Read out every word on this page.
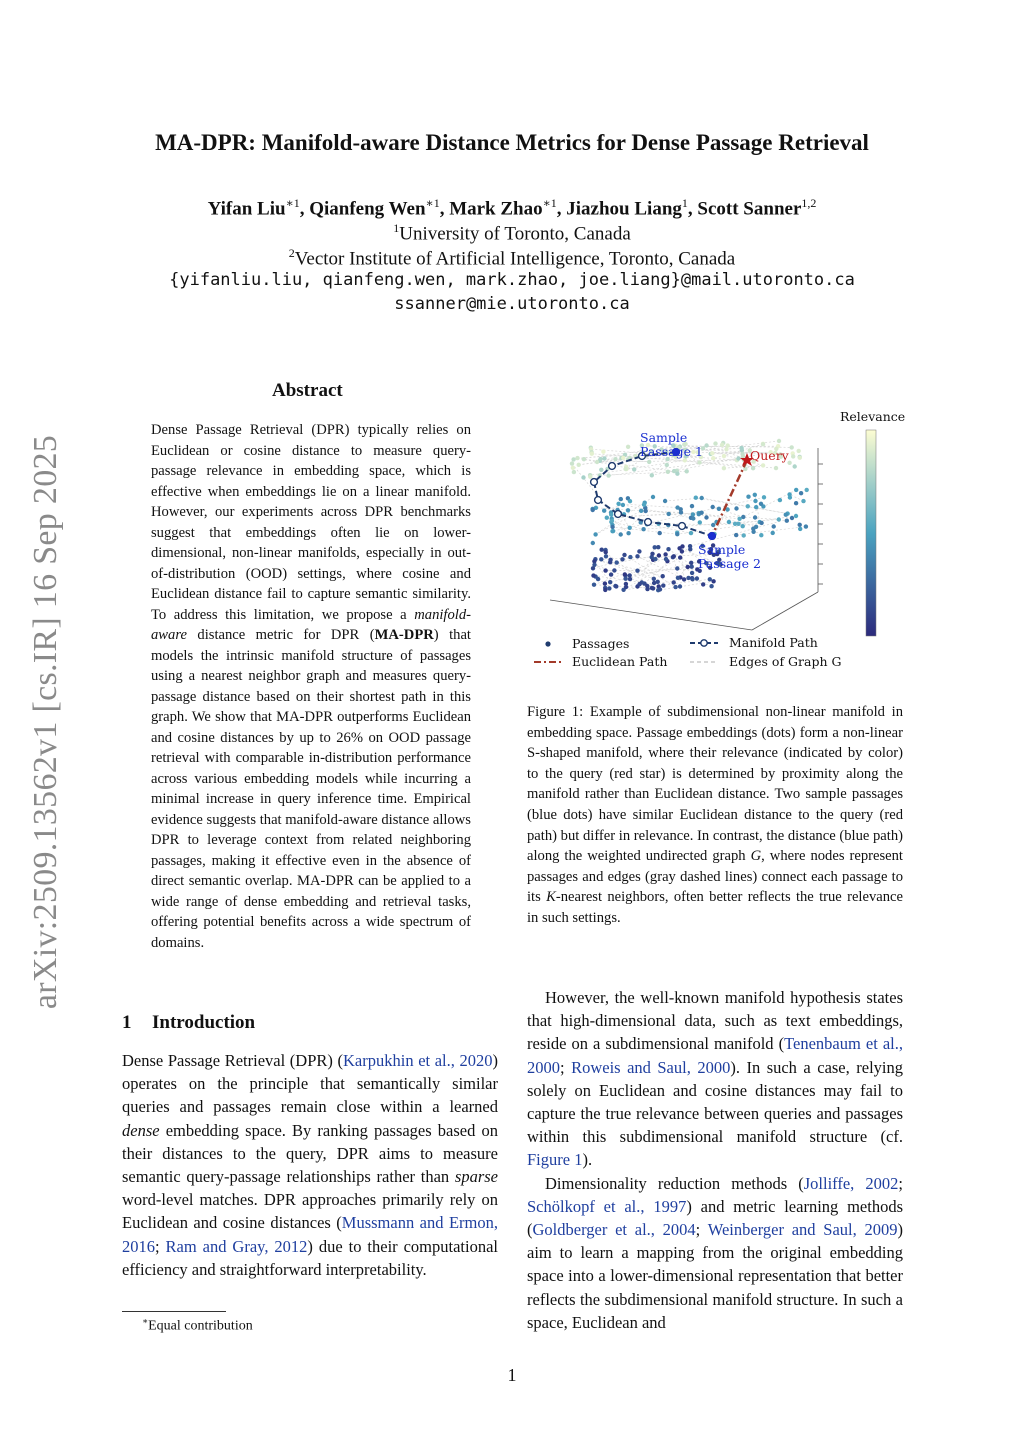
arXiv:2509.13562v1 [cs.IR] 16 Sep 2025
MA-DPR: Manifold-aware Distance Metrics for Dense Passage Retrieval
Yifan Liu$^{∗1}$, Qianfeng Wen$^{∗1}$, Mark Zhao$^{∗1}$, Jiazhou Liang$^1$, Scott Sanner$^{1,2}$
$^1$University of Toronto, Canada
$^2$Vector Institute of Artificial Intelligence, Toronto, Canada
{yifanliu.liu, qianfeng.wen, mark.zhao, joe.liang}@mail.utoronto.ca
ssanner@mie.utoronto.ca
Abstract
Dense Passage Retrieval (DPR) typically relies on Euclidean or cosine distance to measure query-passage relevance in embedding space, which is effective when embeddings lie on a linear manifold. However, our experiments across DPR benchmarks suggest that embeddings often lie on lower-dimensional, non-linear manifolds, especially in out-of-distribution (OOD) settings, where cosine and Euclidean distance fail to capture semantic similarity. To address this limitation, we propose a manifold-aware distance metric for DPR (MA-DPR) that models the intrinsic manifold structure of passages using a nearest neighbor graph and measures query-passage distance based on their shortest path in this graph. We show that MA-DPR outperforms Euclidean and cosine distances by up to 26% on OOD passage retrieval with comparable in-distribution performance across various embedding models while incurring a minimal increase in query inference time. Empirical evidence suggests that manifold-aware distance allows DPR to leverage context from related neighboring passages, making it effective even in the absence of direct semantic overlap. MA-DPR can be applied to a wide range of dense embedding and retrieval tasks, offering potential benefits across a wide spectrum of domains.
1 Introduction
Dense Passage Retrieval (DPR) (Karpukhin et al., 2020) operates on the principle that semantically similar queries and passages remain close within a learned dense embedding space. By ranking passages based on their distances to the query, DPR aims to measure semantic query-passage relationships rather than sparse word-level matches. DPR approaches primarily rely on Euclidean and cosine distances (Mussmann and Ermon, 2016; Ram and Gray, 2012) due to their computational efficiency and straightforward interpretability.
∗Equal contribution
Sample
Passage 1	Query
Sample
Passage 2
Relevance
Passages
Euclidean Path
Manifold Path
Edges of Graph G
Figure 1: Example of subdimensional non-linear manifold in embedding space. Passage embeddings (dots) form a non-linear S-shaped manifold, where their relevance (indicated by color) to the query (red star) is determined by proximity along the manifold rather than Euclidean distance. Two sample passages (blue dots) have similar Euclidean distance to the query (red path) but differ in relevance. In contrast, the distance (blue path) along the weighted undirected graph G, where nodes represent passages and edges (gray dashed lines) connect each passage to its K-nearest neighbors, often better reflects the true relevance in such settings.

However, the well-known manifold hypothesis states that high-dimensional data, such as text embeddings, reside on a subdimensional manifold (Tenenbaum et al., 2000; Roweis and Saul, 2000). In such a case, relying solely on Euclidean and cosine distances may fail to capture the true relevance between queries and passages within this subdimensional manifold structure (cf. Figure 1).

Dimensionality reduction methods (Jolliffe, 2002; Schölkopf et al., 1997) and metric learning methods (Goldberger et al., 2004; Weinberger and Saul, 2009) aim to learn a mapping from the original embedding space into a lower-dimensional representation that better reflects the subdimensional manifold structure. In such a space, Euclidean and

1
